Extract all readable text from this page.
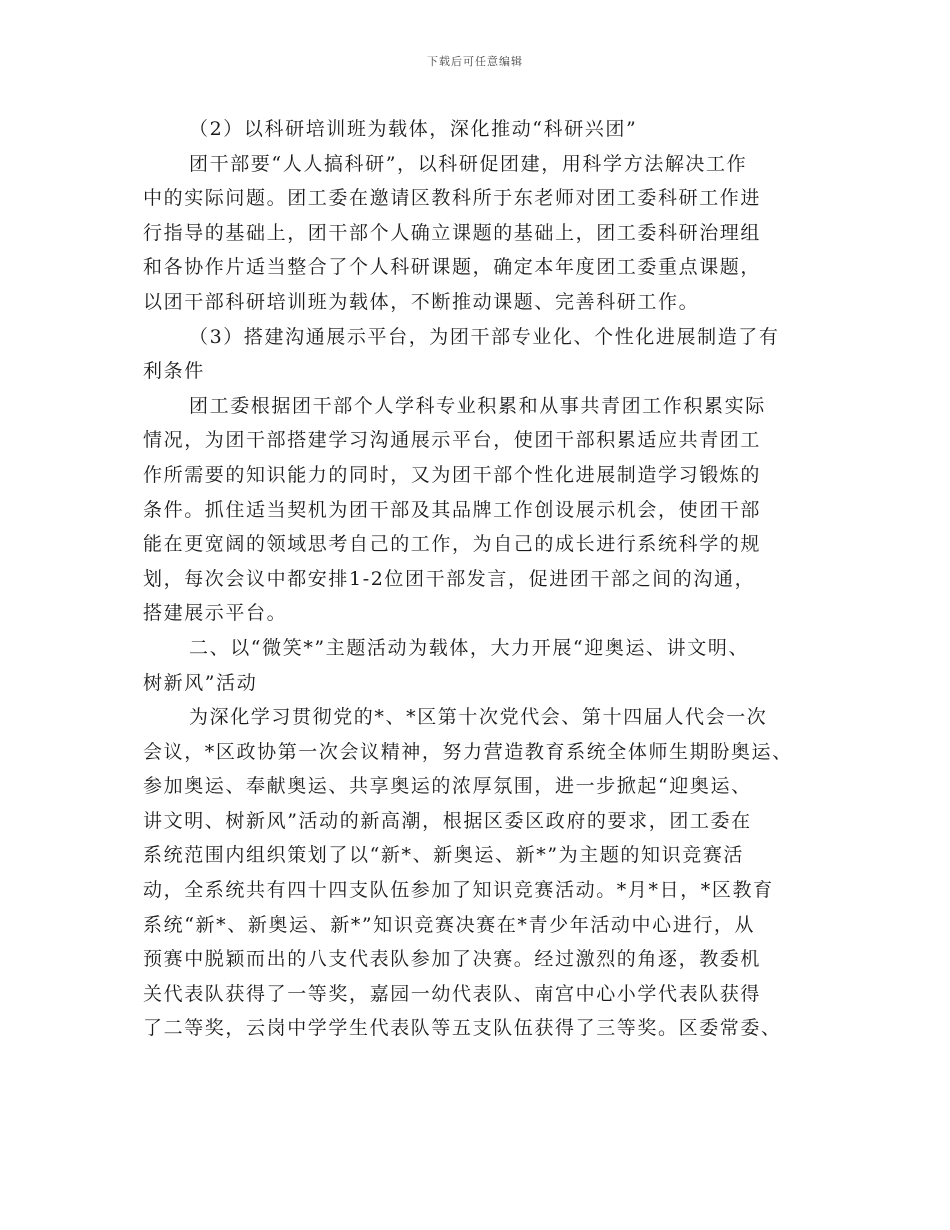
下载后可任意编辑
（2）以科研培训班为载体，深化推动“科研兴团”
团干部要“人人搞科研”，以科研促团建，用科学方法解决工作
中的实际问题。团工委在邀请区教科所于东老师对团工委科研工作进
行指导的基础上，团干部个人确立课题的基础上，团工委科研治理组
和各协作片适当整合了个人科研课题，确定本年度团工委重点课题，
以团干部科研培训班为载体，不断推动课题、完善科研工作。
（3）搭建沟通展示平台，为团干部专业化、个性化进展制造了有
利条件
团工委根据团干部个人学科专业积累和从事共青团工作积累实际
情况，为团干部搭建学习沟通展示平台，使团干部积累适应共青团工
作所需要的知识能力的同时，又为团干部个性化进展制造学习锻炼的
条件。抓住适当契机为团干部及其品牌工作创设展示机会，使团干部
能在更宽阔的领域思考自己的工作，为自己的成长进行系统科学的规
划，每次会议中都安排1-2位团干部发言，促进团干部之间的沟通，
搭建展示平台。
二、以“微笑*”主题活动为载体，大力开展“迎奥运、讲文明、
树新风”活动
为深化学习贯彻党的*、*区第十次党代会、第十四届人代会一次
会议，*区政协第一次会议精神，努力营造教育系统全体师生期盼奥运、
参加奥运、奉献奥运、共享奥运的浓厚氛围，进一步掀起“迎奥运、
讲文明、树新风”活动的新高潮，根据区委区政府的要求，团工委在
系统范围内组织策划了以“新*、新奥运、新*”为主题的知识竞赛活
动，全系统共有四十四支队伍参加了知识竞赛活动。*月*日，*区教育
系统“新*、新奥运、新*”知识竞赛决赛在*青少年活动中心进行，从
预赛中脱颖而出的八支代表队参加了决赛。经过激烈的角逐，教委机
关代表队获得了一等奖，嘉园一幼代表队、南宫中心小学代表队获得
了二等奖，云岗中学学生代表队等五支队伍获得了三等奖。区委常委、
